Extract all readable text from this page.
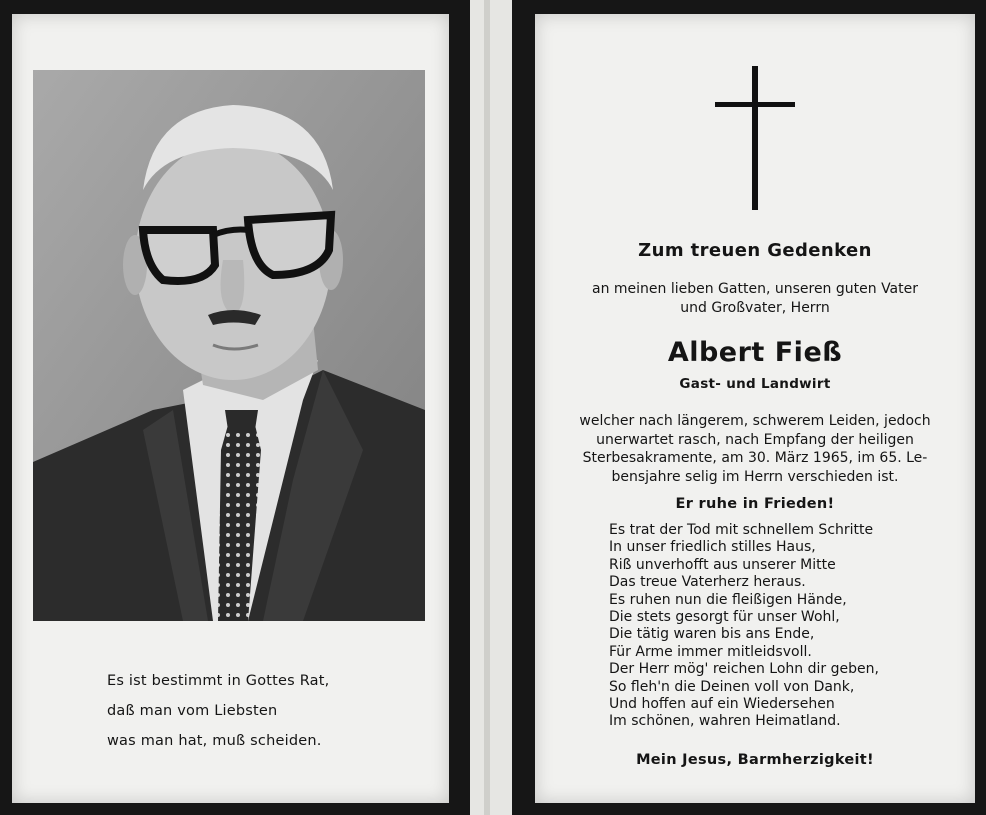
Es ist bestimmt in Gottes Rat,
daß man vom Liebsten
was man hat, muß scheiden.
Zum treuen Gedenken
an meinen lieben Gatten, unseren guten Vater
und Großvater, Herrn
Albert Fieß
Gast- und Landwirt
welcher nach längerem, schwerem Leiden, jedoch
unerwartet rasch, nach Empfang der heiligen
Sterbesakramente, am 30. März 1965, im 65. Le-
bensjahre selig im Herrn verschieden ist.
Er ruhe in Frieden!
Es trat der Tod mit schnellem Schritte
In unser friedlich stilles Haus,
Riß unverhofft aus unserer Mitte
Das treue Vaterherz heraus.
Es ruhen nun die fleißigen Hände,
Die stets gesorgt für unser Wohl,
Die tätig waren bis ans Ende,
Für Arme immer mitleidsvoll.
Der Herr mög' reichen Lohn dir geben,
So fleh'n die Deinen voll von Dank,
Und hoffen auf ein Wiedersehen
Im schönen, wahren Heimatland.
Mein Jesus, Barmherzigkeit!
